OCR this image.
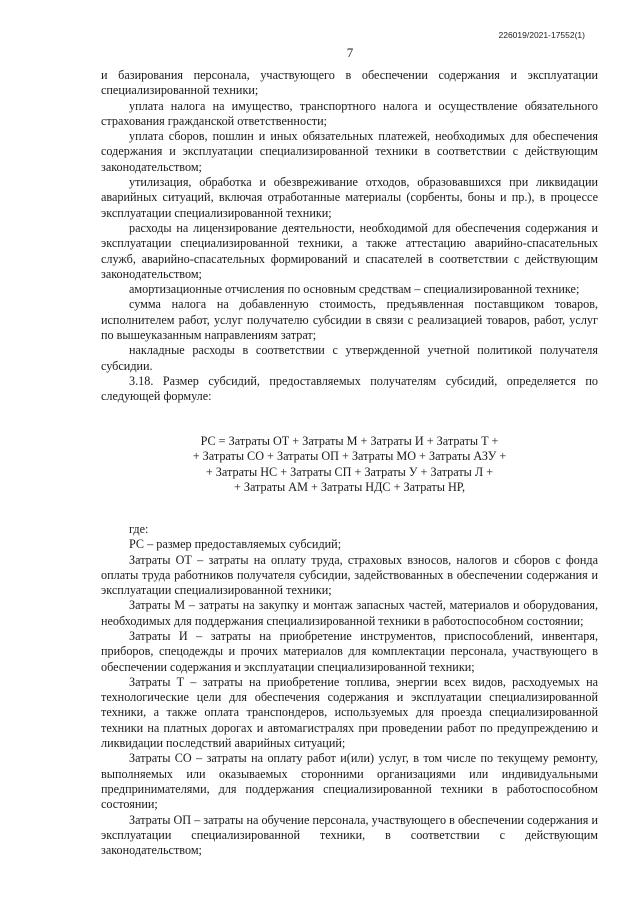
226019/2021-17552(1)
7

и базирования персонала, участвующего в обеспечении содержания и эксплуатации специализированной техники;

уплата налога на имущество, транспортного налога и осуществление обязательного страхования гражданской ответственности;

уплата сборов, пошлин и иных обязательных платежей, необходимых для обеспечения содержания и эксплуатации специализированной техники в соответствии с действующим законодательством;

утилизация, обработка и обезвреживание отходов, образовавшихся при ликвидации аварийных ситуаций, включая отработанные материалы (сорбенты, боны и пр.), в процессе эксплуатации специализированной техники;

расходы на лицензирование деятельности, необходимой для обеспечения содержания и эксплуатации специализированной техники, а также аттестацию аварийно-спасательных служб, аварийно-спасательных формирований и спасателей в соответствии с действующим законодательством;

амортизационные отчисления по основным средствам – специализированной технике;

сумма налога на добавленную стоимость, предъявленная поставщиком товаров, исполнителем работ, услуг получателю субсидии в связи с реализацией товаров, работ, услуг по вышеуказанным направлениям затрат;

накладные расходы в соответствии с утвержденной учетной политикой получателя субсидии.

3.18. Размер субсидий, предоставляемых получателям субсидий, определяется по следующей формуле:

РС = Затраты ОТ + Затраты М + Затраты И + Затраты Т +
+ Затраты СО + Затраты ОП + Затраты МО + Затраты АЗУ +
+ Затраты НС + Затраты СП + Затраты У + Затраты Л +
+ Затраты АМ + Затраты НДС + Затраты НР,

где:

РС – размер предоставляемых субсидий;

Затраты ОТ – затраты на оплату труда, страховых взносов, налогов и сборов с фонда оплаты труда работников получателя субсидии, задействованных в обеспечении содержания и эксплуатации специализированной техники;

Затраты М – затраты на закупку и монтаж запасных частей, материалов и оборудования, необходимых для поддержания специализированной техники в работоспособном состоянии;

Затраты И – затраты на приобретение инструментов, приспособлений, инвентаря, приборов, спецодежды и прочих материалов для комплектации персонала, участвующего в обеспечении содержания и эксплуатации специализированной техники;

Затраты Т – затраты на приобретение топлива, энергии всех видов, расходуемых на технологические цели для обеспечения содержания и эксплуатации специализированной техники, а также оплата транспондеров, используемых для проезда специализированной техники на платных дорогах и автомагистралях при проведении работ по предупреждению и ликвидации последствий аварийных ситуаций;

Затраты СО – затраты на оплату работ и(или) услуг, в том числе по текущему ремонту, выполняемых или оказываемых сторонними организациями или индивидуальными предпринимателями, для поддержания специализированной техники в работоспособном состоянии;

Затраты ОП – затраты на обучение персонала, участвующего в обеспечении содержания и эксплуатации специализированной техники, в соответствии с действующим законодательством;
